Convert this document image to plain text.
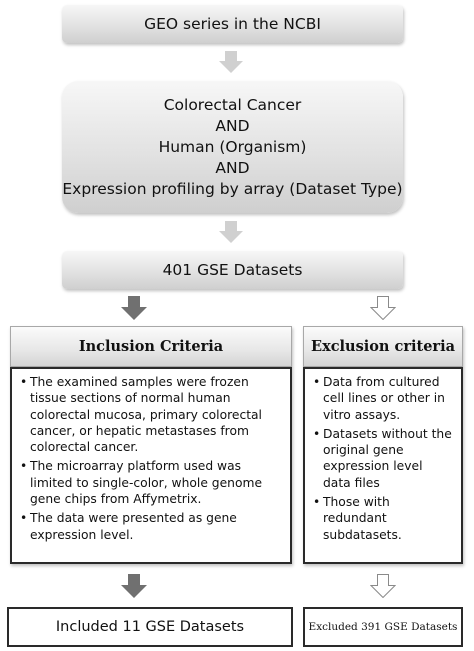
GEO series in the NCBI
Colorectal Cancer
AND
Human (Organism)
AND
Expression profiling by array (Dataset Type)
401 GSE Datasets
Inclusion Criteria
• The examined samples were frozen tissue sections of normal human colorectal mucosa, primary colorectal cancer, or hepatic metastases from colorectal cancer.
• The microarray platform used was limited to single-color, whole genome gene chips from Affymetrix.
• The data were presented as gene expression level.
Exclusion criteria
• Data from cultured cell lines or other in vitro assays.
• Datasets without the original gene expression level data files
• Those with redundant subdatasets.
Included 11 GSE Datasets	Excluded 391 GSE Datasets
